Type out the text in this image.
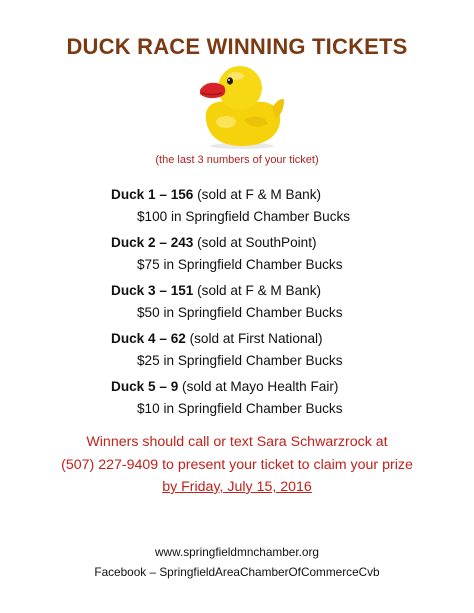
DUCK RACE WINNING TICKETS
(the last 3 numbers of your ticket)
Duck 1 – 156 (sold at F & M Bank)
$100 in Springfield Chamber Bucks
Duck 2 – 243 (sold at SouthPoint)
$75 in Springfield Chamber Bucks
Duck 3 – 151 (sold at F & M Bank)
$50 in Springfield Chamber Bucks
Duck 4 – 62 (sold at First National)
$25 in Springfield Chamber Bucks
Duck 5 – 9 (sold at Mayo Health Fair)
$10 in Springfield Chamber Bucks
Winners should call or text Sara Schwarzrock at
(507) 227-9409 to present your ticket to claim your prize
by Friday, July 15, 2016
www.springfieldmnchamber.org
Facebook – SpringfieldAreaChamberOfCommerceCvb
